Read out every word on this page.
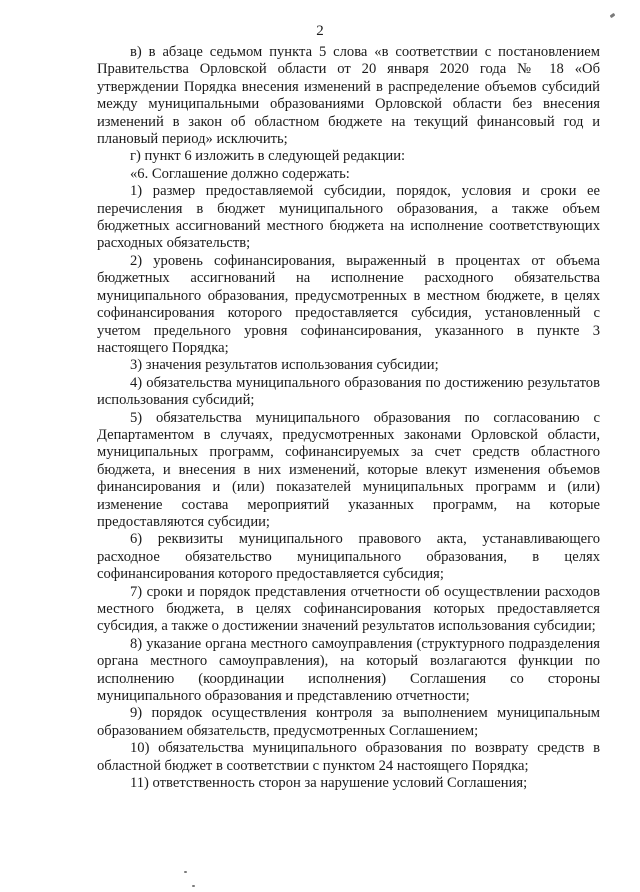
2

в) в абзаце седьмом пункта 5 слова «в соответствии с постановлением Правительства Орловской области от 20 января 2020 года № 18 «Об утверждении Порядка внесения изменений в распределение объемов субсидий между муниципальными образованиями Орловской области без внесения изменений в закон об областном бюджете на текущий финансовый год и плановый период» исключить;

г) пункт 6 изложить в следующей редакции:

«6. Соглашение должно содержать:

1) размер предоставляемой субсидии, порядок, условия и сроки ее перечисления в бюджет муниципального образования, а также объем бюджетных ассигнований местного бюджета на исполнение соответствующих расходных обязательств;

2) уровень софинансирования, выраженный в процентах от объема бюджетных ассигнований на исполнение расходного обязательства муниципального образования, предусмотренных в местном бюджете, в целях софинансирования которого предоставляется субсидия, установленный с учетом предельного уровня софинансирования, указанного в пункте 3 настоящего Порядка;

3) значения результатов использования субсидии;

4) обязательства муниципального образования по достижению результатов использования субсидий;

5) обязательства муниципального образования по согласованию с Департаментом в случаях, предусмотренных законами Орловской области, муниципальных программ, софинансируемых за счет средств областного бюджета, и внесения в них изменений, которые влекут изменения объемов финансирования и (или) показателей муниципальных программ и (или) изменение состава мероприятий указанных программ, на которые предоставляются субсидии;

6) реквизиты муниципального правового акта, устанавливающего расходное обязательство муниципального образования, в целях софинансирования которого предоставляется субсидия;

7) сроки и порядок представления отчетности об осуществлении расходов местного бюджета, в целях софинансирования которых предоставляется субсидия, а также о достижении значений результатов использования субсидии;

8) указание органа местного самоуправления (структурного подразделения органа местного самоуправления), на который возлагаются функции по исполнению (координации исполнения) Соглашения со стороны муниципального образования и представлению отчетности;

9) порядок осуществления контроля за выполнением муниципальным образованием обязательств, предусмотренных Соглашением;

10) обязательства муниципального образования по возврату средств в областной бюджет в соответствии с пунктом 24 настоящего Порядка;

11) ответственность сторон за нарушение условий Соглашения;
